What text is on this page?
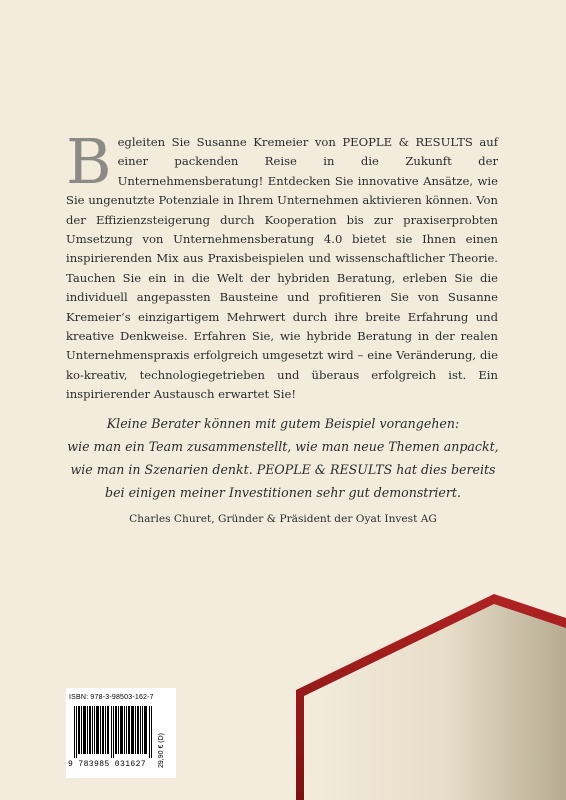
B egleiten Sie Susanne Kremeier von PEOPLE & RESULTS auf einer packenden Reise in die Zukunft der Unternehmensberatung! Entdecken Sie innovative Ansätze, wie Sie ungenutzte Potenziale in Ihrem Unternehmen aktivieren können. Von der Effizienzsteigerung durch Kooperation bis zur praxiserprobten Umsetzung von Unternehmensberatung 4.0 bietet sie Ihnen einen inspirierenden Mix aus Praxisbeispielen und wissenschaftlicher Theorie. Tauchen Sie ein in die Welt der hybriden Beratung, erleben Sie die individuell angepassten Bausteine und profitieren Sie von Susanne Kremeier‘s einzigartigem Mehrwert durch ihre breite Erfahrung und kreative Denkweise. Erfahren Sie, wie hybride Beratung in der realen Unternehmenspraxis erfolgreich umgesetzt wird – eine Veränderung, die ko-kreativ, technologiegetrieben und überaus erfolgreich ist. Ein inspirierender Austausch erwartet Sie!

Kleine Berater können mit gutem Beispiel vorangehen:
wie man ein Team zusammenstellt, wie man neue Themen anpackt,
wie man in Szenarien denkt. PEOPLE & RESULTS hat dies bereits
bei einigen meiner Investitionen sehr gut demonstriert.
Charles Churet, Gründer & Präsident der Oyat Invest AG
ISBN: 978-3-98503-162-7
9 783985 031627 29,90 € (D)
